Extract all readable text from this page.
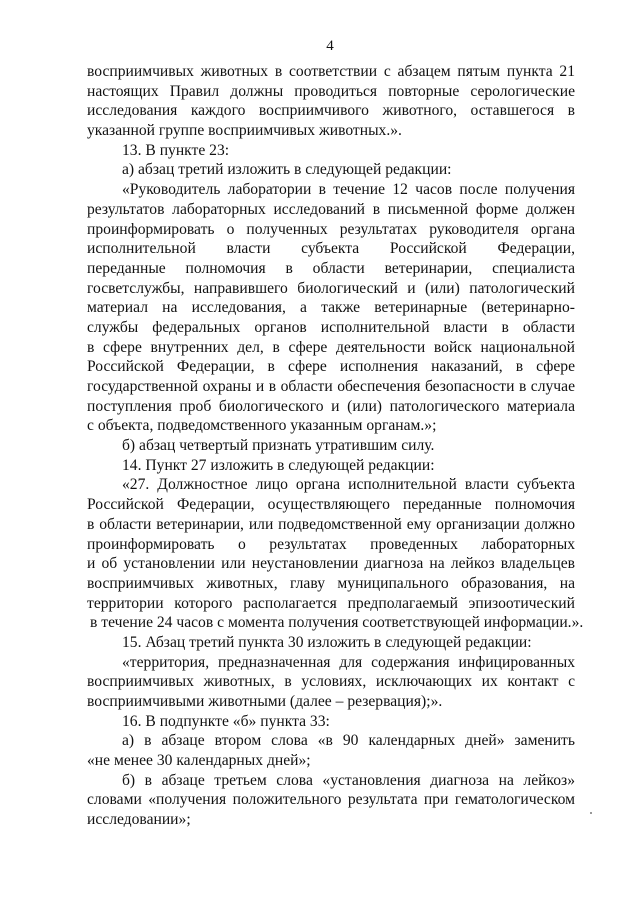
4
восприимчивых животных в соответствии с абзацем пятым пункта 21
настоящих Правил должны проводиться повторные серологические
исследования каждого восприимчивого животного, оставшегося в
указанной группе восприимчивых животных.».
13. В пункте 23:
а) абзац третий изложить в следующей редакции:
«Руководитель лаборатории в течение 12 часов после получения
результатов лабораторных исследований в письменной форме должен
проинформировать о полученных результатах руководителя органа
исполнительной власти субъекта Российской Федерации,
переданные полномочия в области ветеринарии, специалиста
госветслужбы, направившего биологический и (или) патологический
материал на исследования, а также ветеринарные (ветеринарно-
службы федеральных органов исполнительной власти в области
в сфере внутренних дел, в сфере деятельности войск национальной
Российской Федерации, в сфере исполнения наказаний, в сфере
государственной охраны и в области обеспечения безопасности в случае
поступления проб биологического и (или) патологического материала
с объекта, подведомственного указанным органам.»;
б) абзац четвертый признать утратившим силу.
14. Пункт 27 изложить в следующей редакции:
«27. Должностное лицо органа исполнительной власти субъекта
Российской Федерации, осуществляющего переданные полномочия
в области ветеринарии, или подведомственной ему организации должно
проинформировать о результатах проведенных лабораторных
и об установлении или неустановлении диагноза на лейкоз владельцев
восприимчивых животных, главу муниципального образования, на
территории которого располагается предполагаемый эпизоотический
в течение 24 часов с момента получения соответствующей информации.».
15. Абзац третий пункта 30 изложить в следующей редакции:
«территория, предназначенная для содержания инфицированных
восприимчивых животных, в условиях, исключающих их контакт с
восприимчивыми животными (далее – резервация);».
16. В подпункте «б» пункта 33:
а) в абзаце втором слова «в 90 календарных дней» заменить
«не менее 30 календарных дней»;
б) в абзаце третьем слова «установления диагноза на лейкоз»
словами «получения положительного результата при гематологическом
исследовании»;
